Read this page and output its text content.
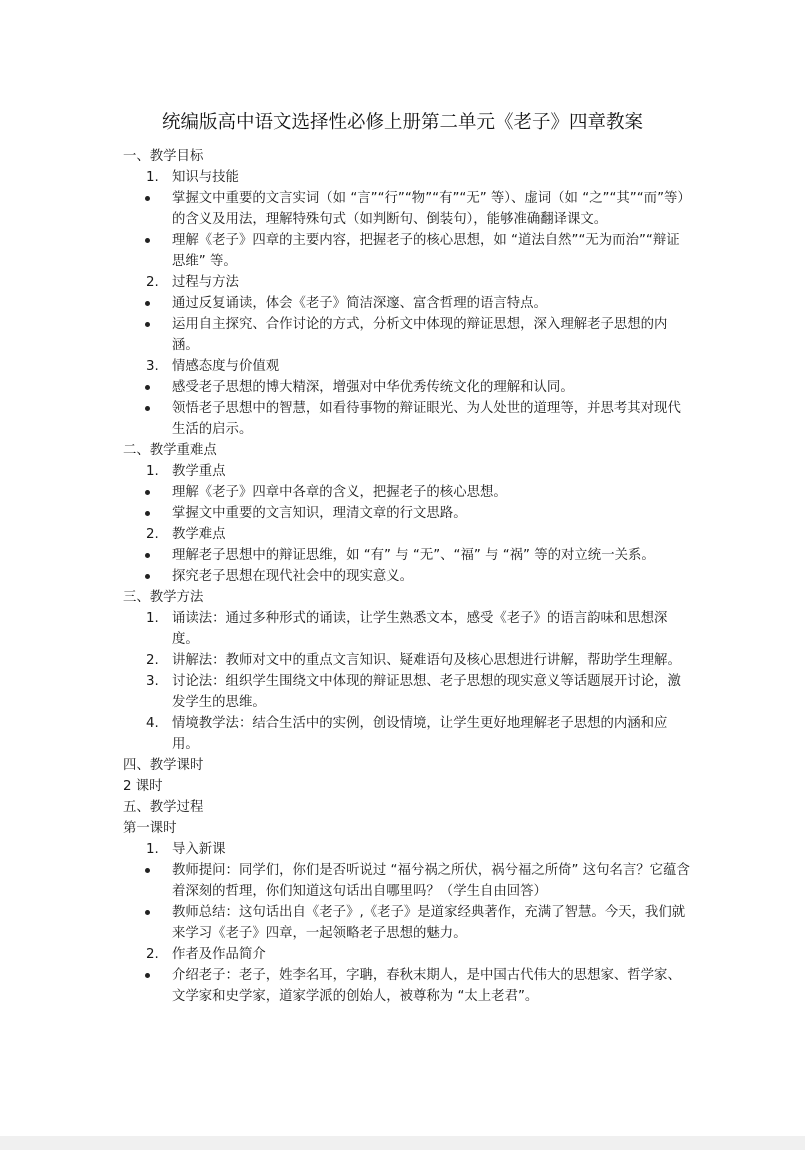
统编版高中语文选择性必修上册第二单元《老子》四章教案
一、教学目标
1. 知识与技能
掌握文中重要的文言实词（如 “言”“行”“物”“有”“无” 等）、虚词（如 “之”“其”“而”等）的含义及用法，理解特殊句式（如判断句、倒装句），能够准确翻译课文。
理解《老子》四章的主要内容，把握老子的核心思想，如 “道法自然”“无为而治”“辩证思维” 等。
2. 过程与方法
通过反复诵读，体会《老子》简洁深邃、富含哲理的语言特点。
运用自主探究、合作讨论的方式，分析文中体现的辩证思想，深入理解老子思想的内涵。
3. 情感态度与价值观
感受老子思想的博大精深，增强对中华优秀传统文化的理解和认同。
领悟老子思想中的智慧，如看待事物的辩证眼光、为人处世的道理等，并思考其对现代生活的启示。
二、教学重难点
1. 教学重点
理解《老子》四章中各章的含义，把握老子的核心思想。
掌握文中重要的文言知识，理清文章的行文思路。
2. 教学难点
理解老子思想中的辩证思维，如 “有” 与 “无”、“福” 与 “祸” 等的对立统一关系。
探究老子思想在现代社会中的现实意义。
三、教学方法
1. 诵读法：通过多种形式的诵读，让学生熟悉文本，感受《老子》的语言韵味和思想深度。
2. 讲解法：教师对文中的重点文言知识、疑难语句及核心思想进行讲解，帮助学生理解。
3. 讨论法：组织学生围绕文中体现的辩证思想、老子思想的现实意义等话题展开讨论，激发学生的思维。
4. 情境教学法：结合生活中的实例，创设情境，让学生更好地理解老子思想的内涵和应用。
四、教学课时
2 课时
五、教学过程
第一课时
1. 导入新课
教师提问：同学们，你们是否听说过 “福兮祸之所伏，祸兮福之所倚” 这句名言？它蕴含着深刻的哲理，你们知道这句话出自哪里吗？（学生自由回答）
教师总结：这句话出自《老子》,《老子》是道家经典著作，充满了智慧。今天，我们就来学习《老子》四章，一起领略老子思想的魅力。
2. 作者及作品简介
介绍老子：老子，姓李名耳，字聃，春秋末期人，是中国古代伟大的思想家、哲学家、文学家和史学家，道家学派的创始人，被尊称为 “太上老君”。
